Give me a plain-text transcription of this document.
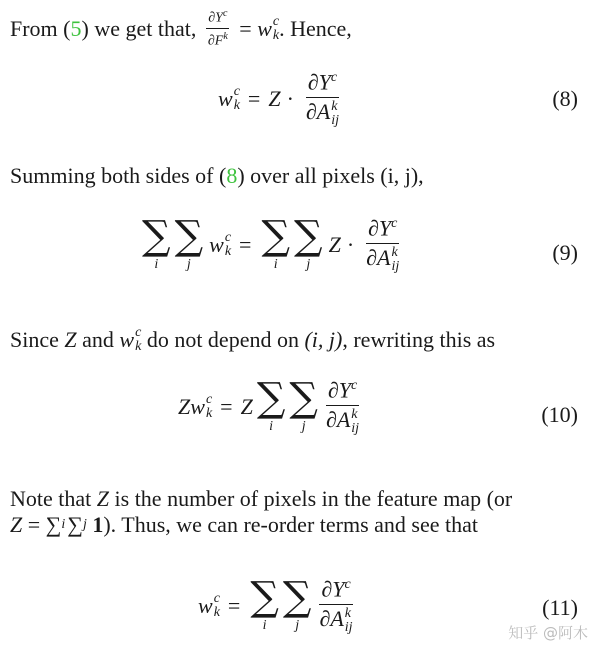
From ( 5 ) we get that, $\frac{\partial Y^c}{\partial F^k} = w$ c
k . Hence,
w c
$k = Z \cdot \partial Y^c$
∂A k
ij	(8)
Summing both sides of (8) over all pixels (i, j),
∑
i
∑
j
w c
k = ∑
i
∑
j
$Z \cdot \partial Y^c$
∂A k
ij	(9)
Since Z and w c
k do not depend on (i, j) , rewriting this as
Z w c
k = Z ∑
i
∑
j $\partial Y^c$
∂A k
ij	(10)
Note that Z is the number of pixels in the feature map (or
Z = ∑ i ∑ j 1 ). Thus, we can re-order terms and see that
w c
k = ∑
i
∑
j $\partial Y^c$
∂A k
ij	(11)
知乎 @阿木
